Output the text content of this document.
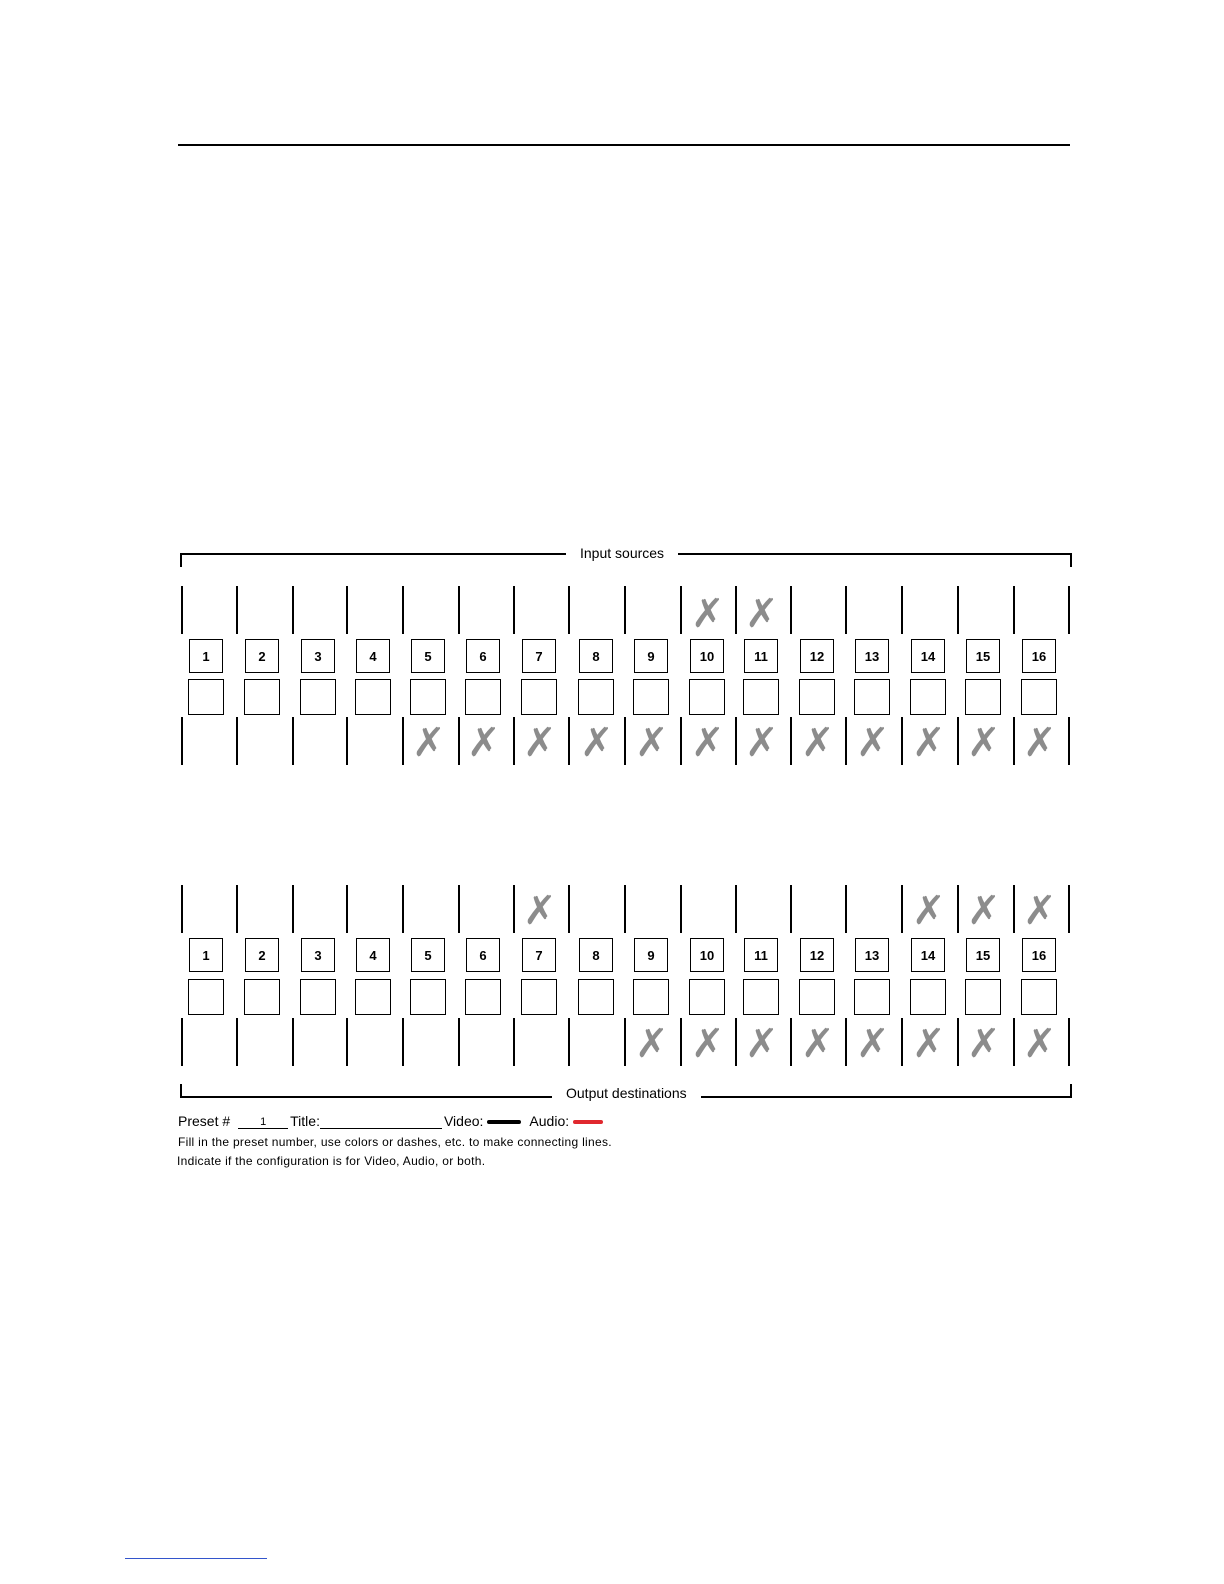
Input sources
✗ ✗
1	2	3	4	5	6	7	8	9	10	11	12	13	14	15	16
✗ ✗ ✗ ✗ ✗ ✗ ✗ ✗ ✗ ✗ ✗ ✗
✗	✗ ✗ ✗
1	2	3	4	5	6	7	8	9	10	11	12	13	14	15	16
✗ ✗ ✗ ✗ ✗ ✗ ✗ ✗
Output destinations
Preset #	1	Title:	Video:	Audio:
Fill in the preset number, use colors or dashes, etc. to make connecting lines.
Indicate if the configuration is for Video, Audio, or both.
